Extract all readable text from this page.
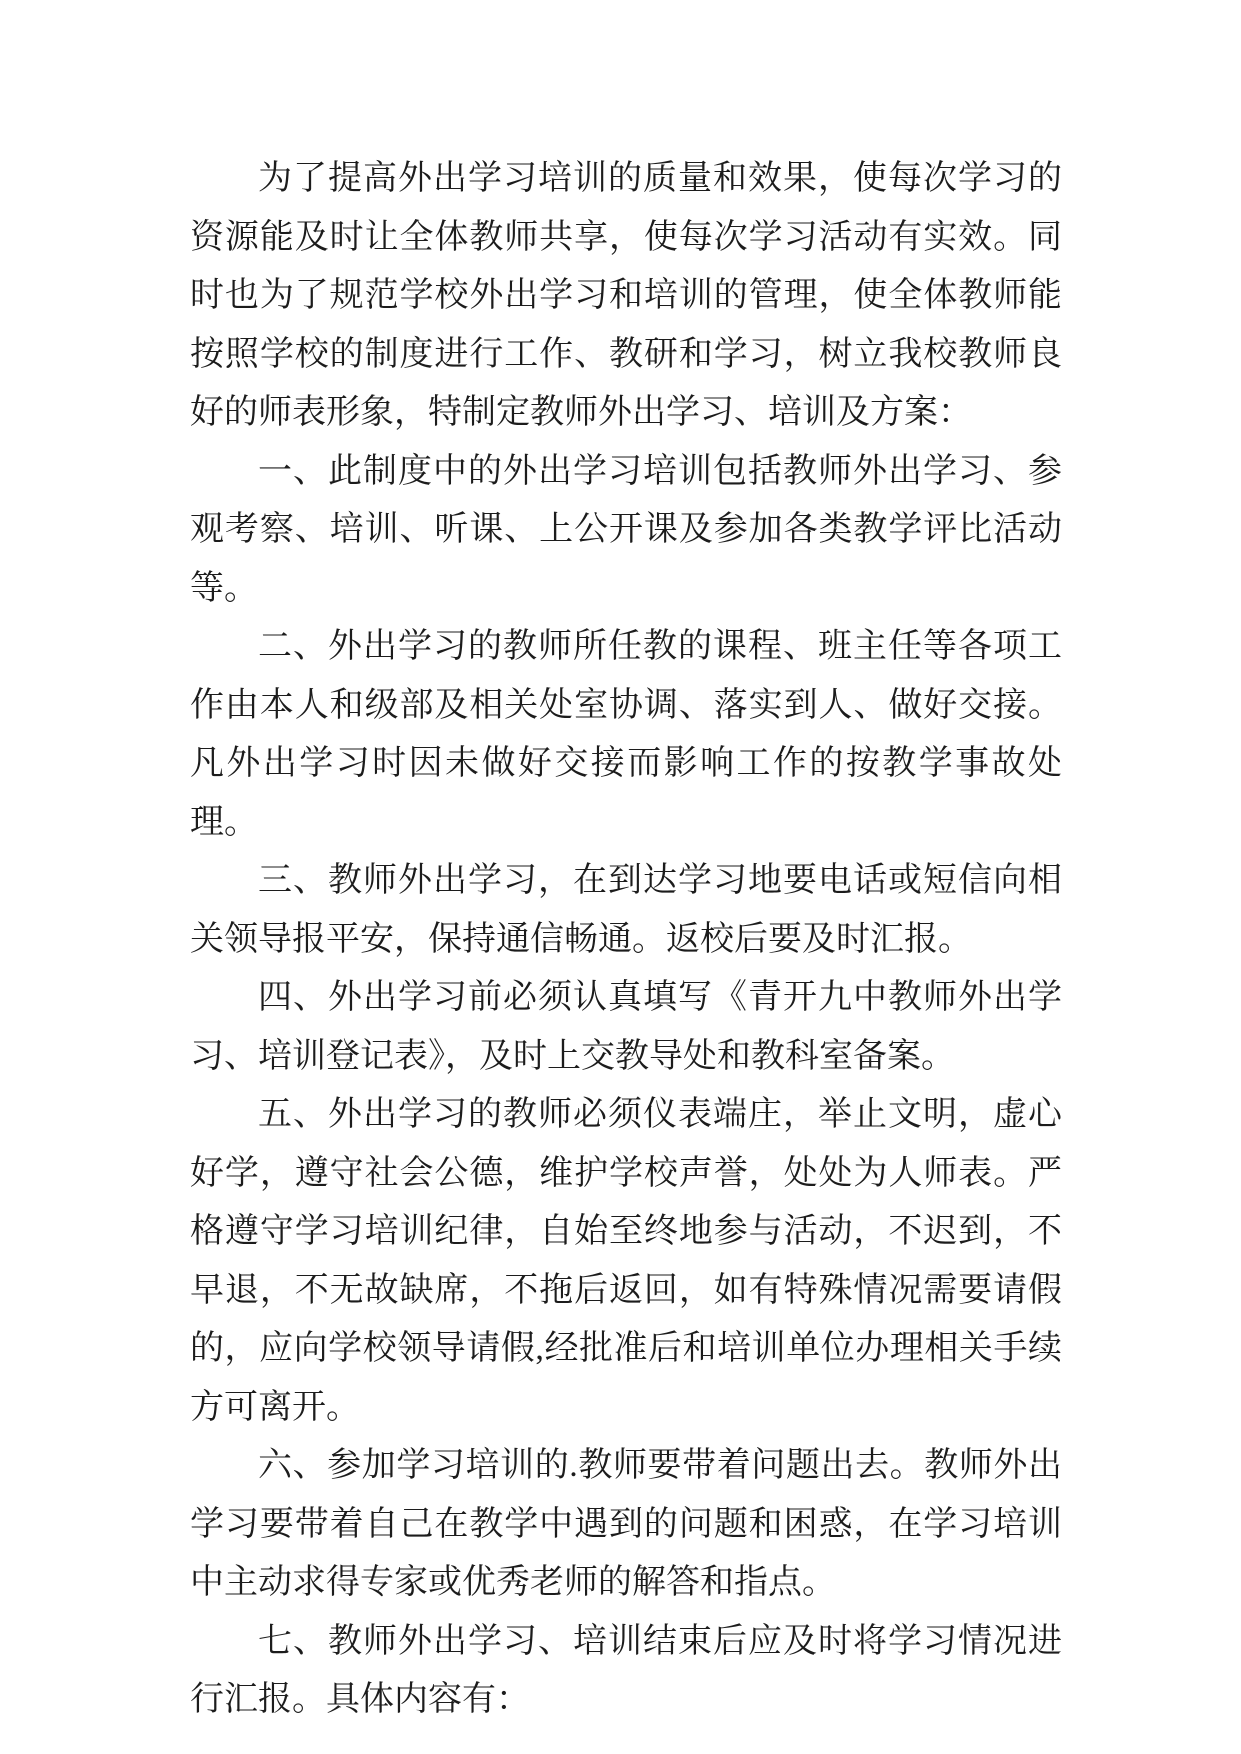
为了提高外出学习培训的质量和效果，使每次学习的资源能及时让全体教师共享，使每次学习活动有实效。同时也为了规范学校外出学习和培训的管理，使全体教师能按照学校的制度进行工作、教研和学习，树立我校教师良好的师表形象，特制定教师外出学习、培训及方案：

一、此制度中的外出学习培训包括教师外出学习、参观考察、培训、听课、上公开课及参加各类教学评比活动等。

二、外出学习的教师所任教的课程、班主任等各项工作由本人和级部及相关处室协调、落实到人、做好交接。凡外出学习时因未做好交接而影响工作的按教学事故处理。

三、教师外出学习，在到达学习地要电话或短信向相关领导报平安，保持通信畅通。返校后要及时汇报。

四、外出学习前必须认真填写《青开九中教师外出学习、培训登记表》，及时上交教导处和教科室备案。

五、外出学习的教师必须仪表端庄，举止文明，虚心好学，遵守社会公德，维护学校声誉，处处为人师表。严格遵守学习培训纪律，自始至终地参与活动，不迟到，不早退，不无故缺席，不拖后返回，如有特殊情况需要请假的，应向学校领导请假,经批准后和培训单位办理相关手续方可离开。

六、参加学习培训的.教师要带着问题出去。教师外出学习要带着自己在教学中遇到的问题和困惑，在学习培训中主动求得专家或优秀老师的解答和指点。

七、教师外出学习、培训结束后应及时将学习情况进行汇报。具体内容有：
